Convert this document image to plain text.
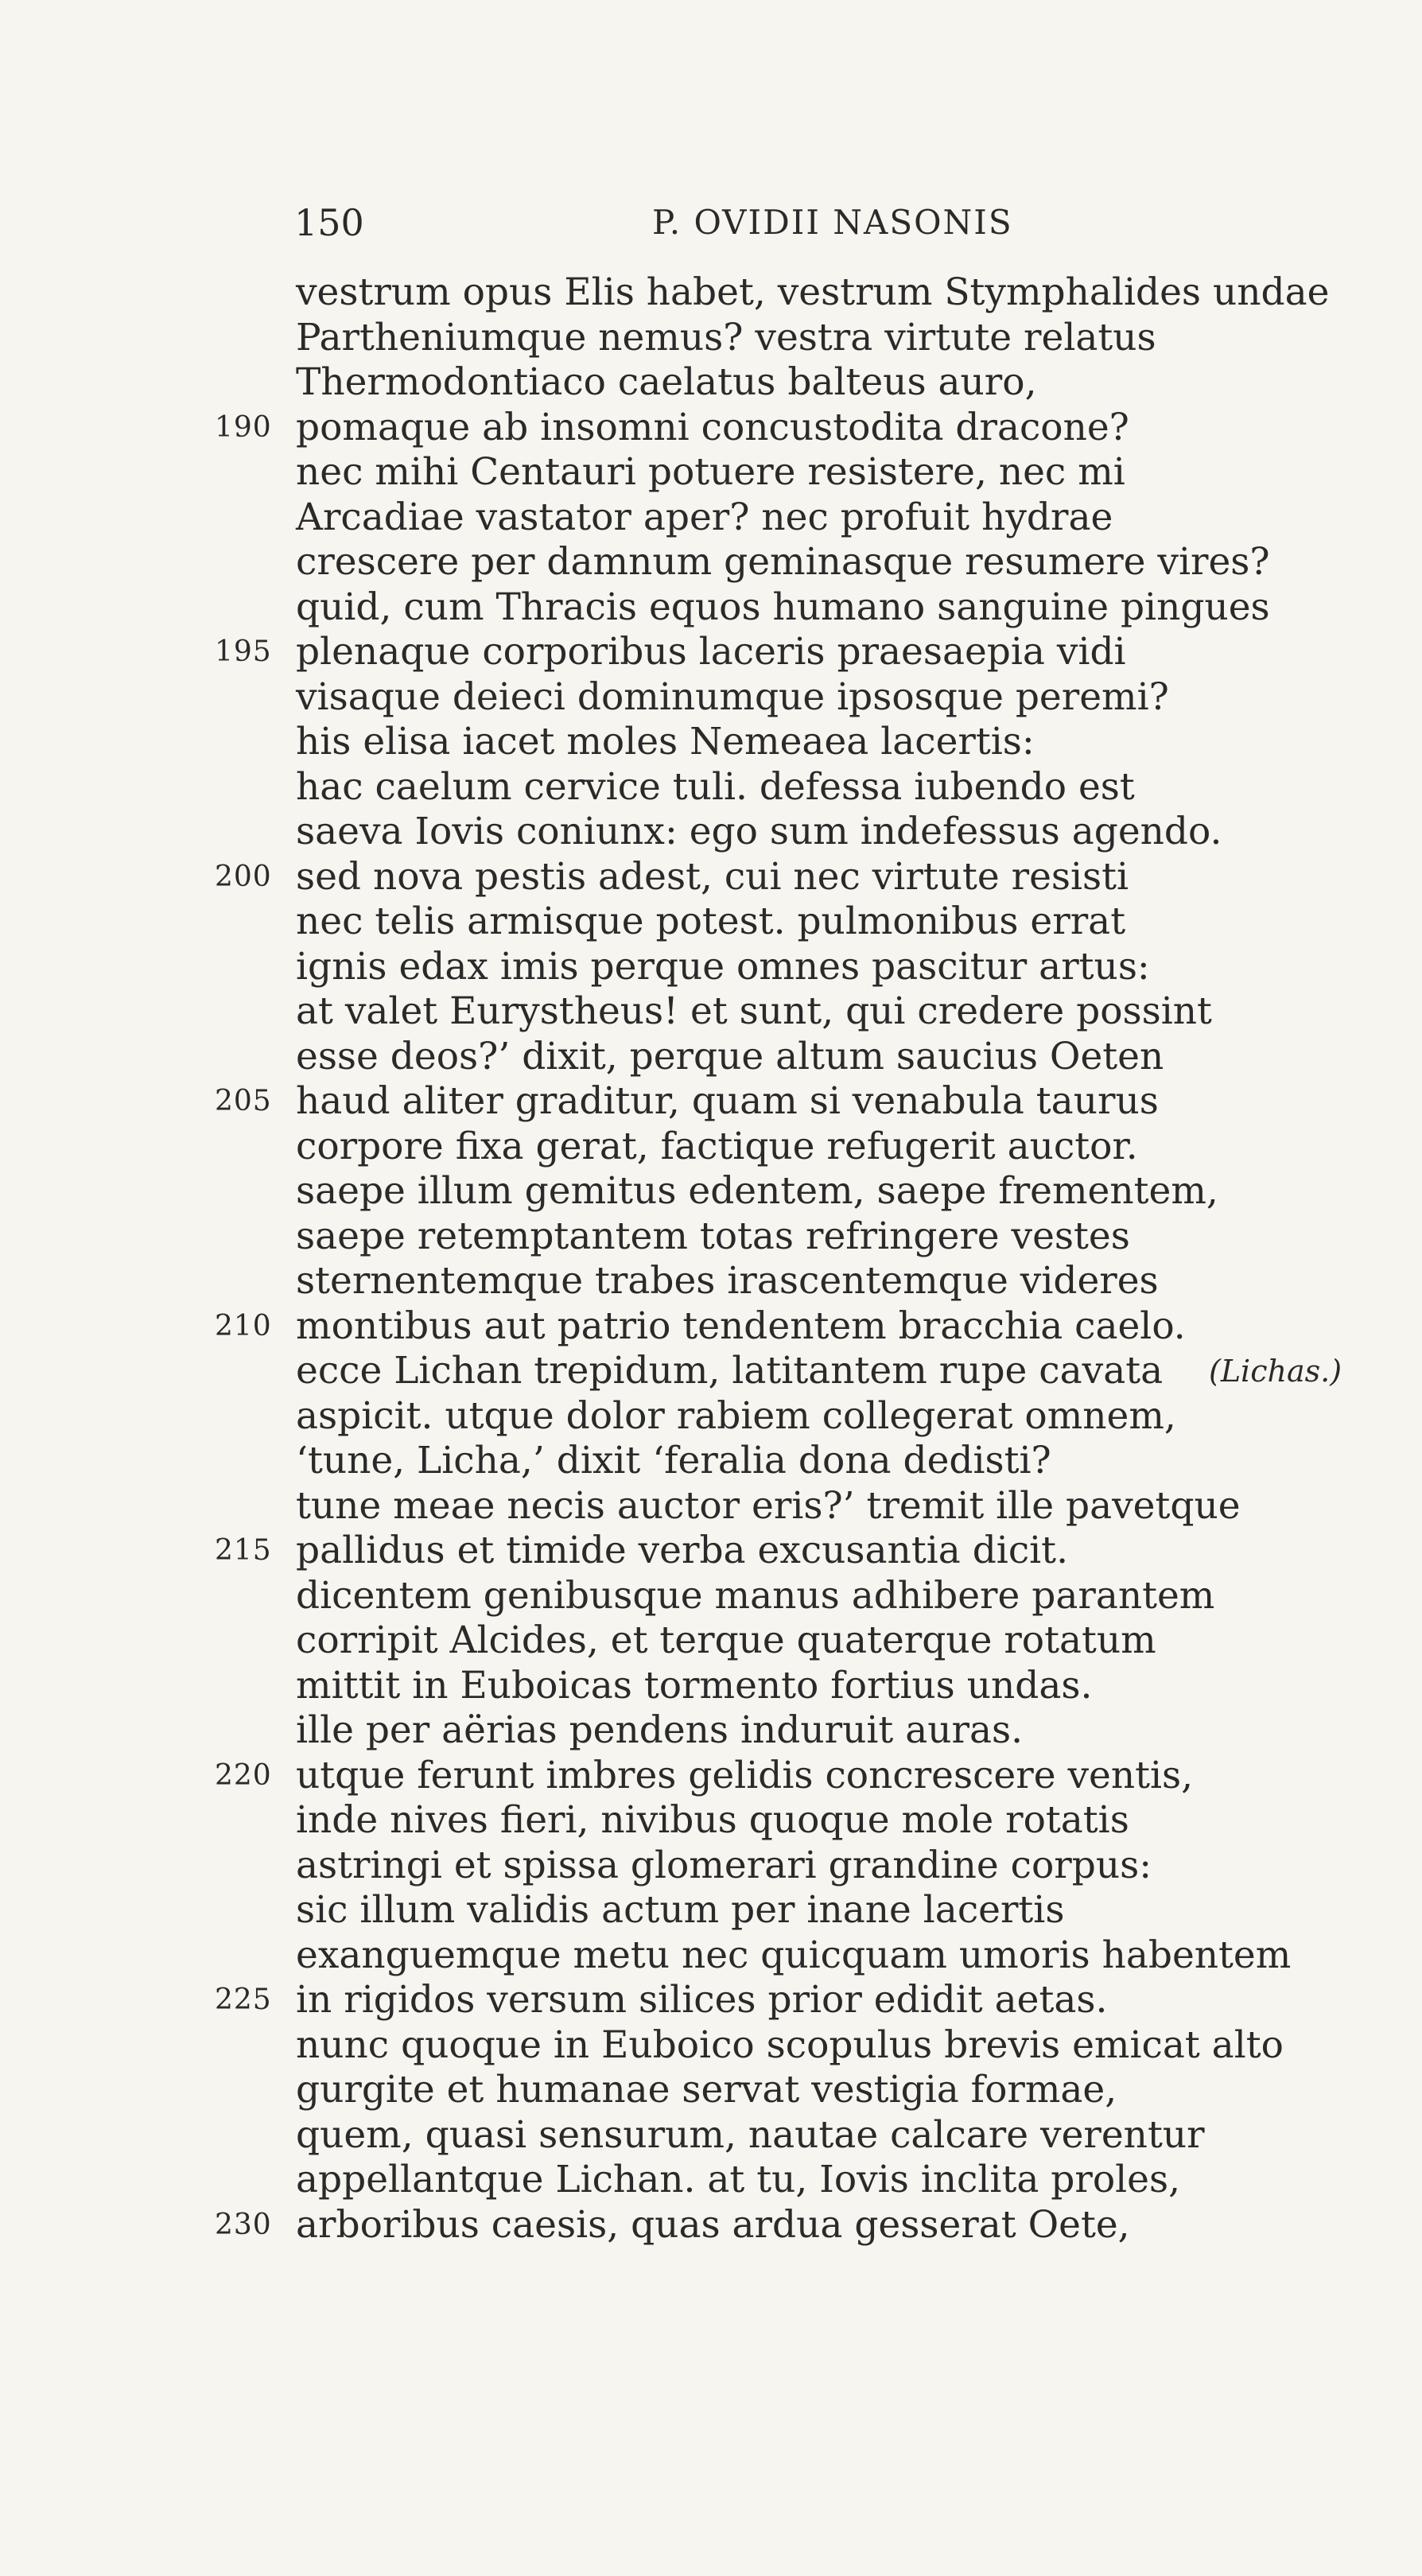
150	P. OVIDII NASONIS
vestrum opus Elis habet, vestrum Stymphalides undae
Partheniumque nemus? vestra virtute relatus
Thermodontiaco caelatus balteus auro,
190 pomaque ab insomni concustodita dracone?
nec mihi Centauri potuere resistere, nec mi
Arcadiae vastator aper? nec profuit hydrae
crescere per damnum geminasque resumere vires?
quid, cum Thracis equos humano sanguine pingues
195 plenaque corporibus laceris praesaepia vidi
visaque deieci dominumque ipsosque peremi?
his elisa iacet moles Nemeaea lacertis:
hac caelum cervice tuli. defessa iubendo est
saeva Iovis coniunx: ego sum indefessus agendo.
200 sed nova pestis adest, cui nec virtute resisti
nec telis armisque potest. pulmonibus errat
ignis edax imis perque omnes pascitur artus:
at valet Eurystheus! et sunt, qui credere possint
esse deos?’ dixit, perque altum saucius Oeten
205 haud aliter graditur, quam si venabula taurus
corpore fixa gerat, factique refugerit auctor.
saepe illum gemitus edentem, saepe frementem,
saepe retemptantem totas refringere vestes
sternentemque trabes irascentemque videres
210 montibus aut patrio tendentem bracchia caelo.
ecce Lichan trepidum, latitantem rupe cavata (Lichas.)
aspicit. utque dolor rabiem collegerat omnem,
‘tune, Licha,’ dixit ‘feralia dona dedisti?
tune meae necis auctor eris?’ tremit ille pavetque
215 pallidus et timide verba excusantia dicit.
dicentem genibusque manus adhibere parantem
corripit Alcides, et terque quaterque rotatum
mittit in Euboicas tormento fortius undas.
ille per aërias pendens induruit auras.
220 utque ferunt imbres gelidis concrescere ventis,
inde nives fieri, nivibus quoque mole rotatis
astringi et spissa glomerari grandine corpus:
sic illum validis actum per inane lacertis
exanguemque metu nec quicquam umoris habentem
225 in rigidos versum silices prior edidit aetas.
nunc quoque in Euboico scopulus brevis emicat alto
gurgite et humanae servat vestigia formae,
quem, quasi sensurum, nautae calcare verentur
appellantque Lichan. at tu, Iovis inclita proles,
230 arboribus caesis, quas ardua gesserat Oete,
